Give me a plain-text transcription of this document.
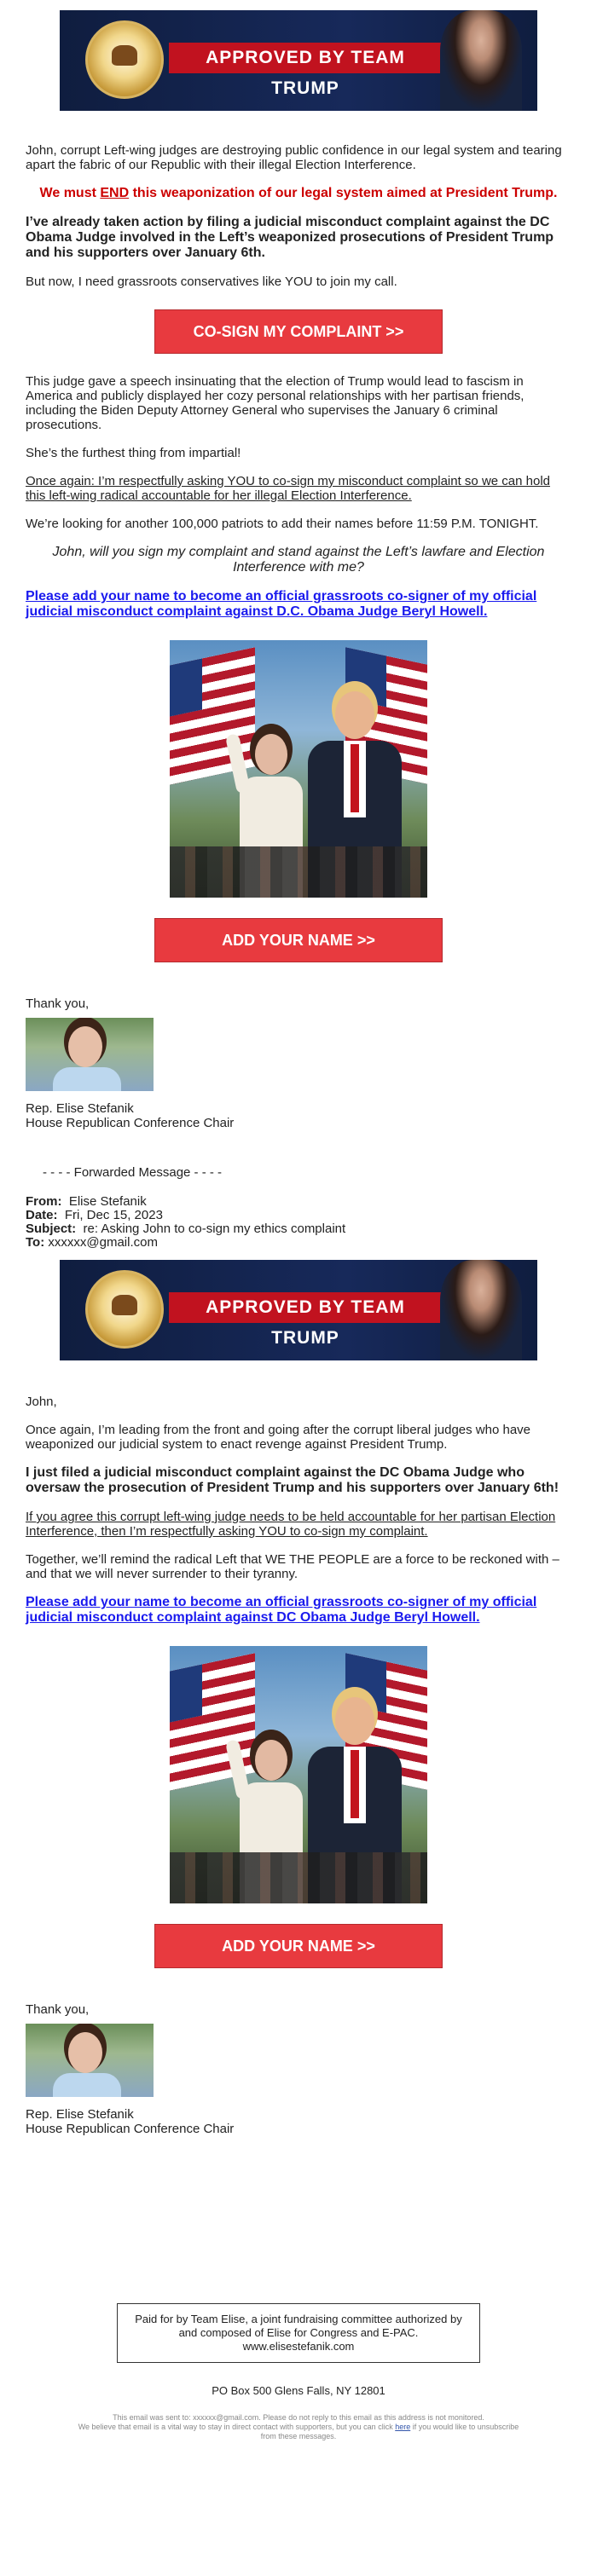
APPROVED BY TEAM TRUMP

John, corrupt Left-wing judges are destroying public confidence in our legal system and tearing apart the fabric of our Republic with their illegal Election Interference.

We must END this weaponization of our legal system aimed at President Trump.

I’ve already taken action by filing a judicial misconduct complaint against the DC Obama Judge involved in the Left’s weaponized prosecutions of President Trump and his supporters over January 6th.

But now, I need grassroots conservatives like YOU to join my call.

CO-SIGN MY COMPLAINT >>

This judge gave a speech insinuating that the election of Trump would lead to fascism in America and publicly displayed her cozy personal relationships with her partisan friends, including the Biden Deputy Attorney General who supervises the January 6 criminal prosecutions.

She’s the furthest thing from impartial!

Once again: I’m respectfully asking YOU to co-sign my misconduct complaint so we can hold this left-wing radical accountable for her illegal Election Interference.

We’re looking for another 100,000 patriots to add their names before 11:59 P.M. TONIGHT.

John, will you sign my complaint and stand against the Left’s lawfare and Election Interference with me?

Please add your name to become an official grassroots co-signer of my official judicial misconduct complaint against D.C. Obama Judge Beryl Howell.
ADD YOUR NAME >>

Thank you,

Rep. Elise Stefanik

House Republican Conference Chair

- - - - Forwarded Message - - - -

From: Elise Stefanik

Date: Fri, Dec 15, 2023

Subject: re: Asking John to co-sign my ethics complaint

To: xxxxxx@gmail.com

APPROVED BY TEAM TRUMP

John,

Once again, I’m leading from the front and going after the corrupt liberal judges who have weaponized our judicial system to enact revenge against President Trump.

I just filed a judicial misconduct complaint against the DC Obama Judge who oversaw the prosecution of President Trump and his supporters over January 6th!

If you agree this corrupt left-wing judge needs to be held accountable for her partisan Election Interference, then I’m respectfully asking YOU to co-sign my complaint.

Together, we’ll remind the radical Left that WE THE PEOPLE are a force to be reckoned with – and that we will never surrender to their tyranny.

Please add your name to become an official grassroots co-signer of my official judicial misconduct complaint against DC Obama Judge Beryl Howell.
ADD YOUR NAME >>

Thank you,

Rep. Elise Stefanik

House Republican Conference Chair

Paid for by Team Elise, a joint fundraising committee authorized by and composed of Elise for Congress and E-PAC. www.elisestefanik.com

PO Box 500 Glens Falls, NY 12801

This email was sent to: xxxxxx@gmail.com. Please do not reply to this email as this address is not monitored.

We believe that email is a vital way to stay in direct contact with supporters, but you can click here if you would like to unsubscribe from these messages.
